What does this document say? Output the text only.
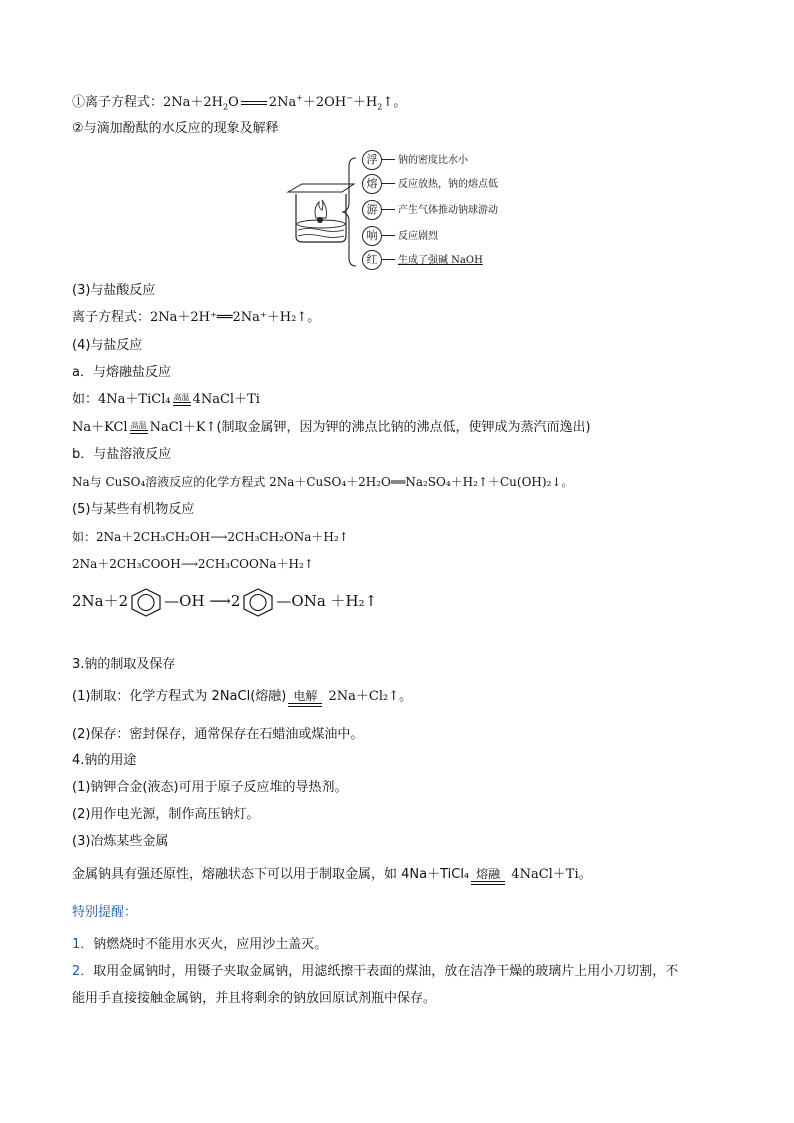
①离子方程式：$2Na+2H_2O$ $2Na^++2OH^-+H_2↑$。
②与滴加酚酞的水反应的现象及解释
浮	钠的密度比水小
熔	反应放热，钠的熔点低
游	产生气体推动钠球游动
响	反应剧烈
红	生成了强碱 NaOH
(3)与盐酸反应
离子方程式：2Na＋2H⁺══2Na⁺＋H₂↑。
(4)与盐反应
a．与熔融盐反应
如：4Na＋TiCl₄ 高温 4NaCl＋Ti
Na＋KCl 高温 NaCl＋K↑(制取金属钾，因为钾的沸点比钠的沸点低，使钾成为蒸汽而逸出)
b．与盐溶液反应
Na与 CuSO₄溶液反应的化学方程式 2Na＋CuSO₄＋2H₂O══Na₂SO₄＋H₂↑＋Cu(OH)₂↓。
(5)与某些有机物反应
如：2Na＋2CH₃CH₂OH⟶2CH₃CH₂ONa＋H₂↑
2Na＋2CH₃COOH⟶2CH₃COONa＋H₂↑
2Na＋2 —OH ⟶2 —ONa ＋H₂↑
3.钠的制取及保存
(1)制取：化学方程式为 2NaCl(熔融) 电解 2Na＋Cl₂↑。
(2)保存：密封保存，通常保存在石蜡油或煤油中。
4.钠的用途
(1)钠钾合金(液态)可用于原子反应堆的导热剂。
(2)用作电光源，制作高压钠灯。
(3)冶炼某些金属
金属钠具有强还原性，熔融状态下可以用于制取金属，如 4Na＋TiCl₄ 熔融 4NaCl＋Ti。
特别提醒：
1．钠燃烧时不能用水灭火，应用沙土盖灭。
2．取用金属钠时，用镊子夹取金属钠，用滤纸擦干表面的煤油，放在洁净干燥的玻璃片上用小刀切割，不
能用手直接接触金属钠，并且将剩余的钠放回原试剂瓶中保存。
